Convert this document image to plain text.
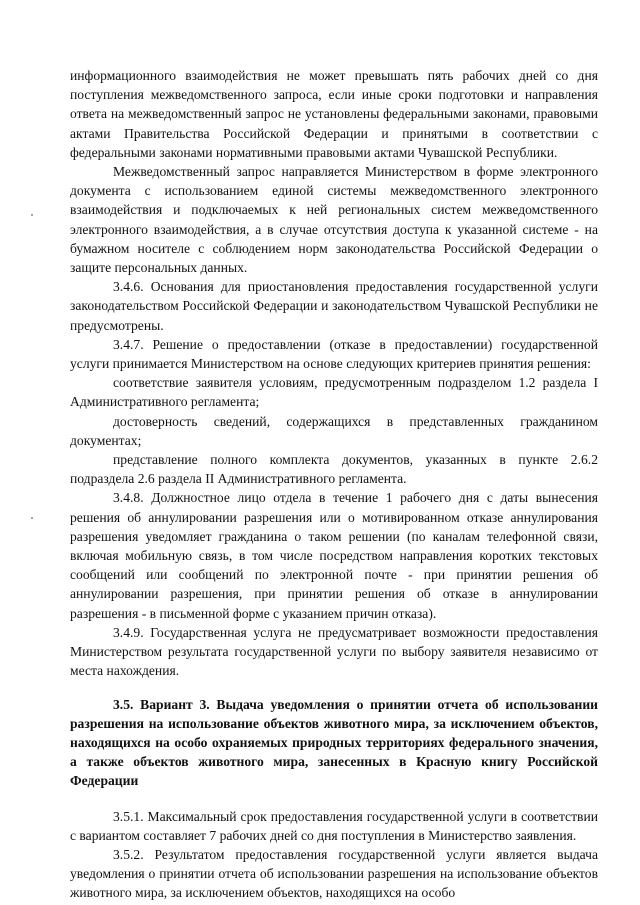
информационного взаимодействия не может превышать пять рабочих дней со дня поступления межведомственного запроса, если иные сроки подготовки и направления ответа на межведомственный запрос не установлены федеральными законами, правовыми актами Правительства Российской Федерации и принятыми в соответствии с федеральными законами нормативными правовыми актами Чувашской Республики.

Межведомственный запрос направляется Министерством в форме электронного документа с использованием единой системы межведомственного электронного взаимодействия и подключаемых к ней региональных систем межведомственного электронного взаимодействия, а в случае отсутствия доступа к указанной системе - на бумажном носителе с соблюдением норм законодательства Российской Федерации о защите персональных данных.

3.4.6. Основания для приостановления предоставления государственной услуги законодательством Российской Федерации и законодательством Чувашской Республики не предусмотрены.

3.4.7. Решение о предоставлении (отказе в предоставлении) государственной услуги принимается Министерством на основе следующих критериев принятия решения:

соответствие заявителя условиям, предусмотренным подразделом 1.2 раздела I Административного регламента;

достоверность сведений, содержащихся в представленных гражданином документах;

представление полного комплекта документов, указанных в пункте 2.6.2 подраздела 2.6 раздела II Административного регламента.

3.4.8. Должностное лицо отдела в течение 1 рабочего дня с даты вынесения решения об аннулировании разрешения или о мотивированном отказе аннулирования разрешения уведомляет гражданина о таком решении (по каналам телефонной связи, включая мобильную связь, в том числе посредством направления коротких текстовых сообщений или сообщений по электронной почте - при принятии решения об аннулировании разрешения, при принятии решения об отказе в аннулировании разрешения - в письменной форме с указанием причин отказа).

3.4.9. Государственная услуга не предусматривает возможности предоставления Министерством результата государственной услуги по выбору заявителя независимо от места нахождения.

3.5. Вариант 3. Выдача уведомления о принятии отчета об использовании разрешения на использование объектов животного мира, за исключением объектов, находящихся на особо охраняемых природных территориях федерального значения, а также объектов животного мира, занесенных в Красную книгу Российской Федерации

3.5.1. Максимальный срок предоставления государственной услуги в соответствии с вариантом составляет 7 рабочих дней со дня поступления в Министерство заявления.

3.5.2. Результатом предоставления государственной услуги является выдача уведомления о принятии отчета об использовании разрешения на использование объектов животного мира, за исключением объектов, находящихся на особо
